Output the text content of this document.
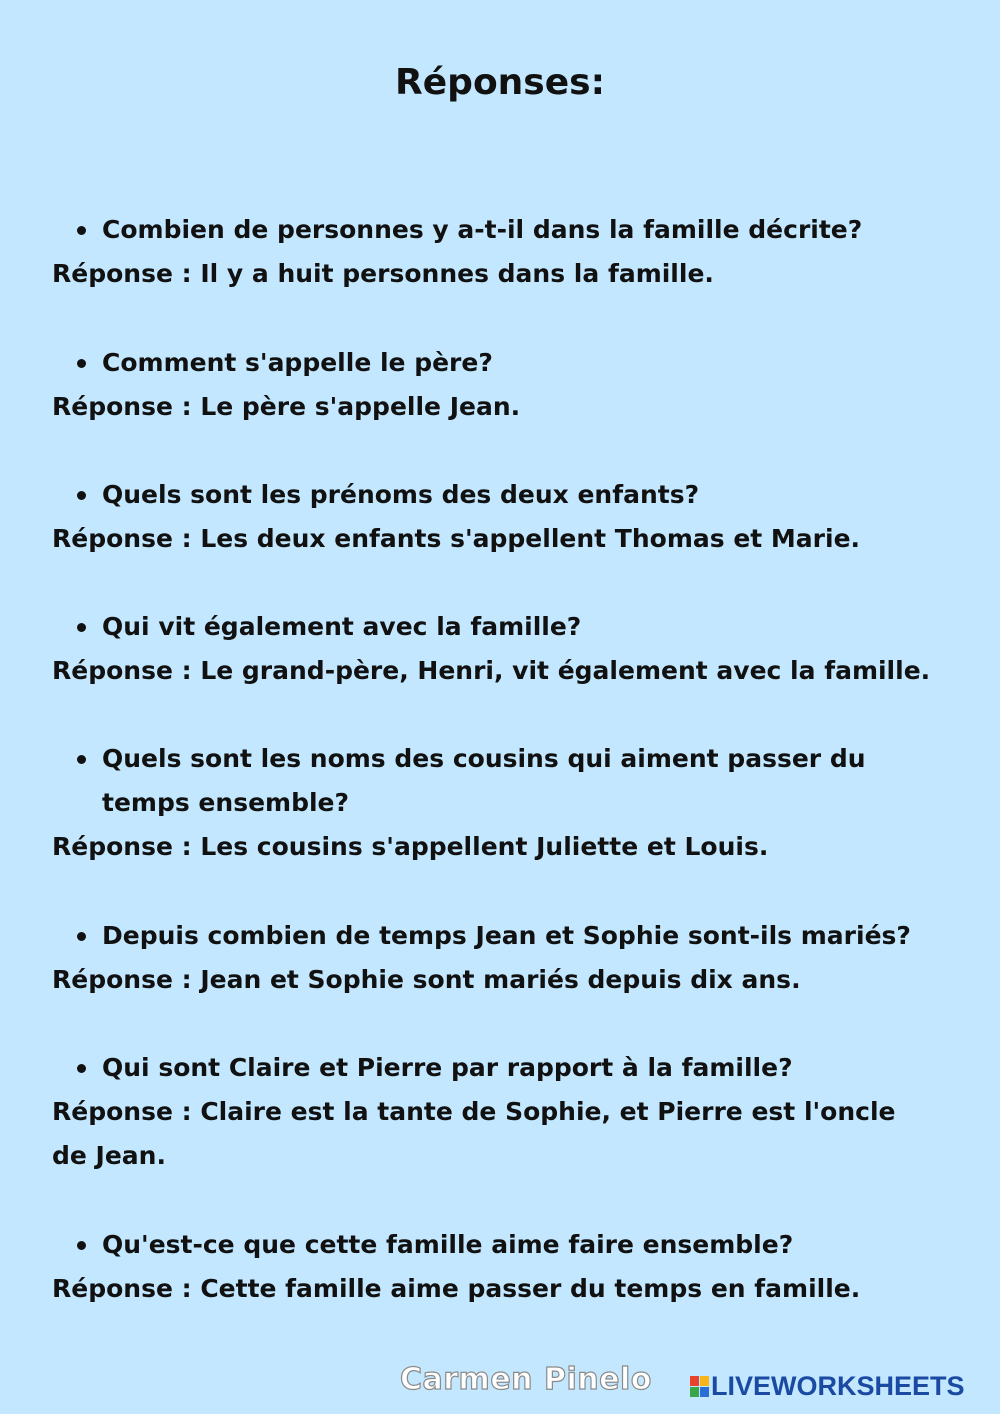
Réponses:
Combien de personnes y a-t-il dans la famille décrite?
Réponse : Il y a huit personnes dans la famille.
Comment s'appelle le père?
Réponse : Le père s'appelle Jean.
Quels sont les prénoms des deux enfants?
Réponse : Les deux enfants s'appellent Thomas et Marie.
Qui vit également avec la famille?
Réponse : Le grand-père, Henri, vit également avec la famille.
Quels sont les noms des cousins qui aiment passer du temps ensemble?
Réponse : Les cousins s'appellent Juliette et Louis.
Depuis combien de temps Jean et Sophie sont-ils mariés?
Réponse : Jean et Sophie sont mariés depuis dix ans.
Qui sont Claire et Pierre par rapport à la famille?
Réponse : Claire est la tante de Sophie, et Pierre est l'oncle de Jean.
Qu'est-ce que cette famille aime faire ensemble?
Réponse : Cette famille aime passer du temps en famille.
Carmen Pinelo LIVEWORKSHEETS
